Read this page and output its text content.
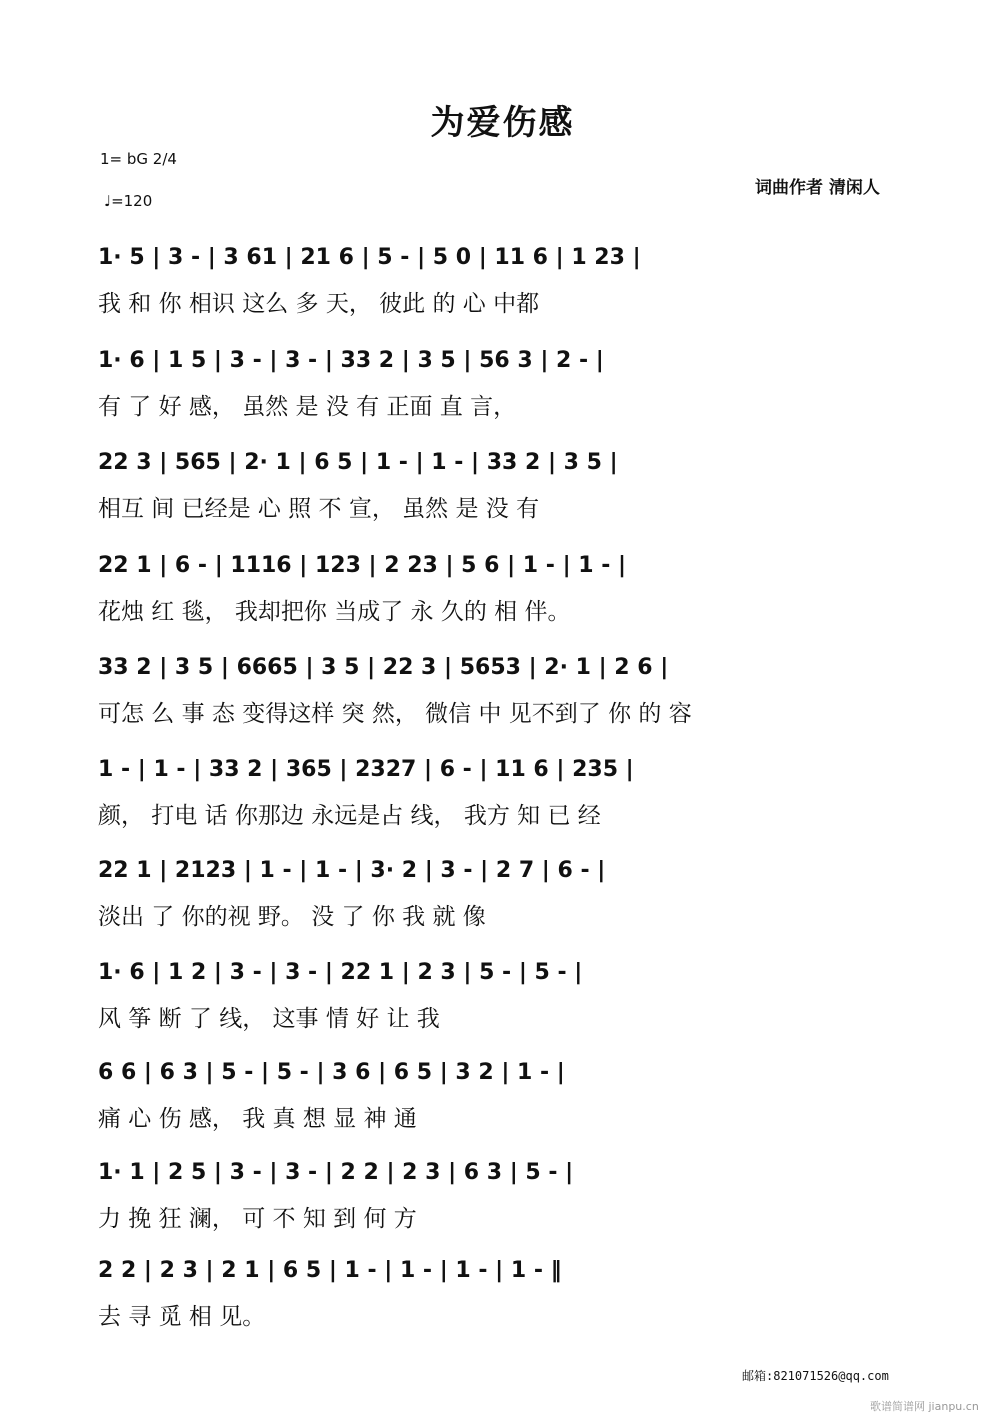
为爱伤感
1= bG 2/4
♩=120
词曲作者 清闲人
1· 5 | 3 - | 3 61 | 21 6 | 5 - | 5 0 | 11 6 | 1 23 |
我 和 你 相识 这么 多 天， 彼此 的 心 中都
1· 6 | 1 5 | 3 - | 3 - | 33 2 | 3 5 | 56 3 | 2 - |
有 了 好 感， 虽然 是 没 有 正面 直 言，
22 3 | 565 | 2· 1 | 6 5 | 1 - | 1 - | 33 2 | 3 5 |
相互 间 已经是 心 照 不 宣， 虽然 是 没 有
22 1 | 6 - | 1116 | 123 | 2 23 | 5 6 | 1 - | 1 - |
花烛 红 毯， 我却把你 当成了 永 久的 相 伴。
33 2 | 3 5 | 6665 | 3 5 | 22 3 | 5653 | 2· 1 | 2 6 |
可怎 么 事 态 变得这样 突 然， 微信 中 见不到了 你 的 容
1 - | 1 - | 33 2 | 365 | 2327 | 6 - | 11 6 | 235 |
颜， 打电 话 你那边 永远是占 线， 我方 知 已 经
22 1 | 2123 | 1 - | 1 - | 3· 2 | 3 - | 2 7 | 6 - |
淡出 了 你的视 野。 没 了 你 我 就 像
1· 6 | 1 2 | 3 - | 3 - | 22 1 | 2 3 | 5 - | 5 - |
风 筝 断 了 线， 这事 情 好 让 我
6 6 | 6 3 | 5 - | 5 - | 3 6 | 6 5 | 3 2 | 1 - |
痛 心 伤 感， 我 真 想 显 神 通
1· 1 | 2 5 | 3 - | 3 - | 2 2 | 2 3 | 6 3 | 5 - |
力 挽 狂 澜， 可 不 知 到 何 方
2 2 | 2 3 | 2 1 | 6 5 | 1 - | 1 - | 1 - | 1 - ‖
去 寻 觅 相 见。
邮箱:821071526@qq.com
歌谱简谱网 jianpu.cn
